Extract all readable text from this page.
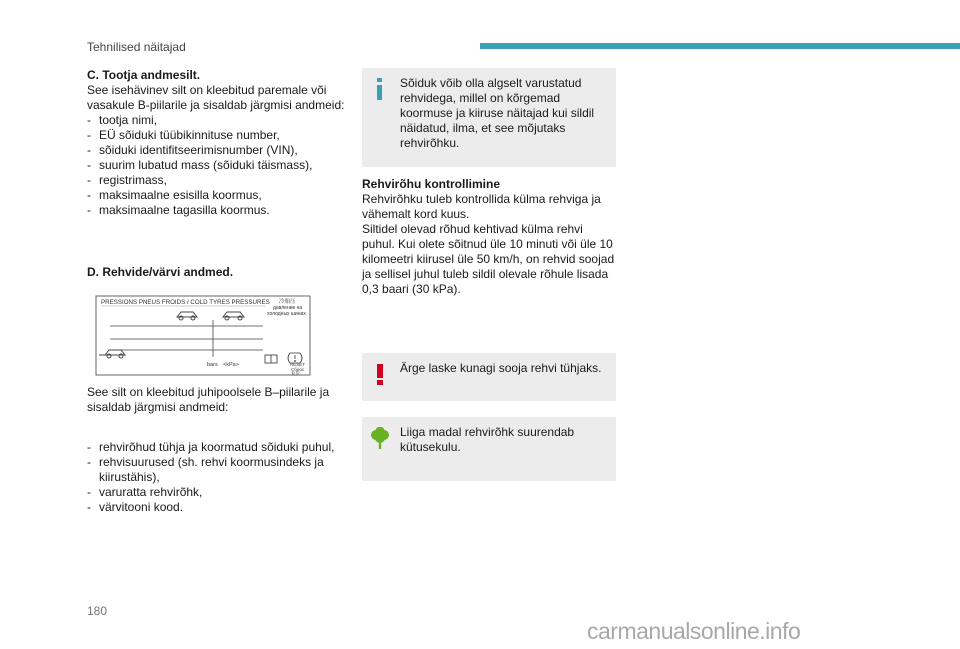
Tehnilised näitajad

C. Tootja andmesilt.

See isehävinev silt on kleebitud paremale või vasakule B-piilarile ja sisaldab järgmisi andmeid:

- tootja nimi,
- EÜ sõiduki tüübikinnituse number,
- sõiduki identifitseerimisnumber (VIN),
- suurim lubatud mass (sõiduki täismass),
- registrimass,
- maksimaalne esisilla koormus,
- maksimaalne tagasilla koormus.

D. Rehvide/värvi andmed.

PRESSIONS PNEUS FROIDS / COLD TYRES PRESSURES 冷胎压
давление на
холодных шинах
bars <kPa>	RESET
Сброс
复位

See silt on kleebitud juhipoolsele B–piilarile ja sisaldab järgmisi andmeid:

- rehvirõhud tühja ja koormatud sõiduki puhul,
- rehvisuurused (sh. rehvi koormusindeks ja kiirustähis),
- varuratta rehvirõhk,
- värvitooni kood.
Sõiduk võib olla algselt varustatud rehvidega, millel on kõrgemad koormuse ja kiiruse näitajad kui sildil näidatud, ilma, et see mõjutaks rehvirõhku.
Rehvirõhu kontrollimine
Rehvirõhku tuleb kontrollida külma rehviga ja vähemalt kord kuus.
Siltidel olevad rõhud kehtivad külma rehvi puhul. Kui olete sõitnud üle 10 minuti või üle 10 kilomeetri kiirusel üle 50 km/h, on rehvid soojad ja sellisel juhul tuleb sildil olevale rõhule lisada 0,3 baari (30 kPa).
Ärge laske kunagi sooja rehvi tühjaks.
Liiga madal rehvirõhk suurendab kütusekulu.
180
carmanualsonline.info
